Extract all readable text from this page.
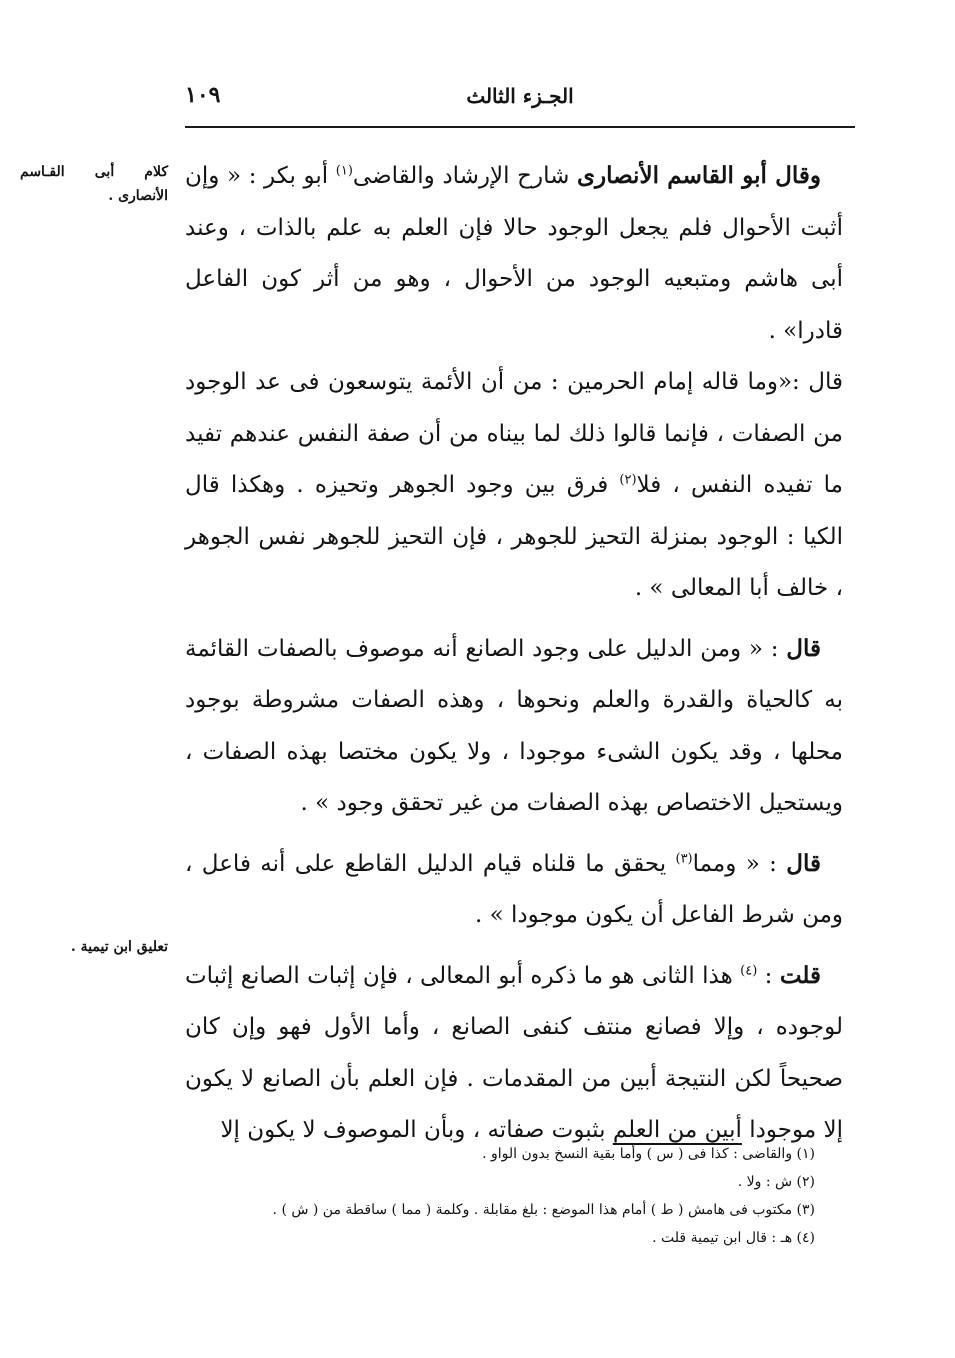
الجـزء الثالث
١٠٩
كلام أبى القـاسم الأنصارى .
تعليق ابن تيمية .

وقال أبو القاسم الأنصارى شارح الإرشاد والقاضى$^{(١)}$ أبو بكر : « وإن أثبت الأحوال فلم يجعل الوجود حالا فإن العلم به علم بالذات ، وعند أبى هاشم ومتبعيه الوجود من الأحوال ، وهو من أثر كون الفاعل قادرا» .

قال :«وما قاله إمام الحرمين : من أن الأئمة يتوسعون فى عد الوجود من الصفات ، فإنما قالوا ذلك لما بيناه من أن صفة النفس عندهم تفيد ما تفيده النفس ، فلا$^{(٢)}$ فرق بين وجود الجوهر وتحيزه . وهكذا قال الكيا : الوجود بمنزلة التحيز للجوهر ، فإن التحيز للجوهر نفس الجوهر ، خالف أبا المعالى » .

قال : « ومن الدليل على وجود الصانع أنه موصوف بالصفات القائمة به كالحياة والقدرة والعلم ونحوها ، وهذه الصفات مشروطة بوجود محلها ، وقد يكون الشىء موجودا ، ولا يكون مختصا بهذه الصفات ، ويستحيل الاختصاص بهذه الصفات من غير تحقق وجود » .

قال : « ومما$^{(٣)}$ يحقق ما قلناه قيام الدليل القاطع على أنه فاعل ، ومن شرط الفاعل أن يكون موجودا » .

قلت : $^{(٤)}$ هذا الثانى هو ما ذكره أبو المعالى ، فإن إثبات الصانع إثبات لوجوده ، وإلا فصانع منتف كنفى الصانع ، وأما الأول فهو وإن كان صحيحاً لكن النتيجة أبين من المقدمات . فإن العلم بأن الصانع لا يكون إلا موجودا أبين من العلم بثبوت صفاته ، وبأن الموصوف لا يكون إلا

(١) والقاضى : كذا فى ( س ) وأما بقية النسخ بدون الواو .

(٢) ش : ولا .

(٣) مكتوب فى هامش ( ط ) أمام هذا الموضع : بلغ مقابلة . وكلمة ( مما ) ساقطة من ( ش ) .

(٤) هـ : قال ابن تيمية قلت .
